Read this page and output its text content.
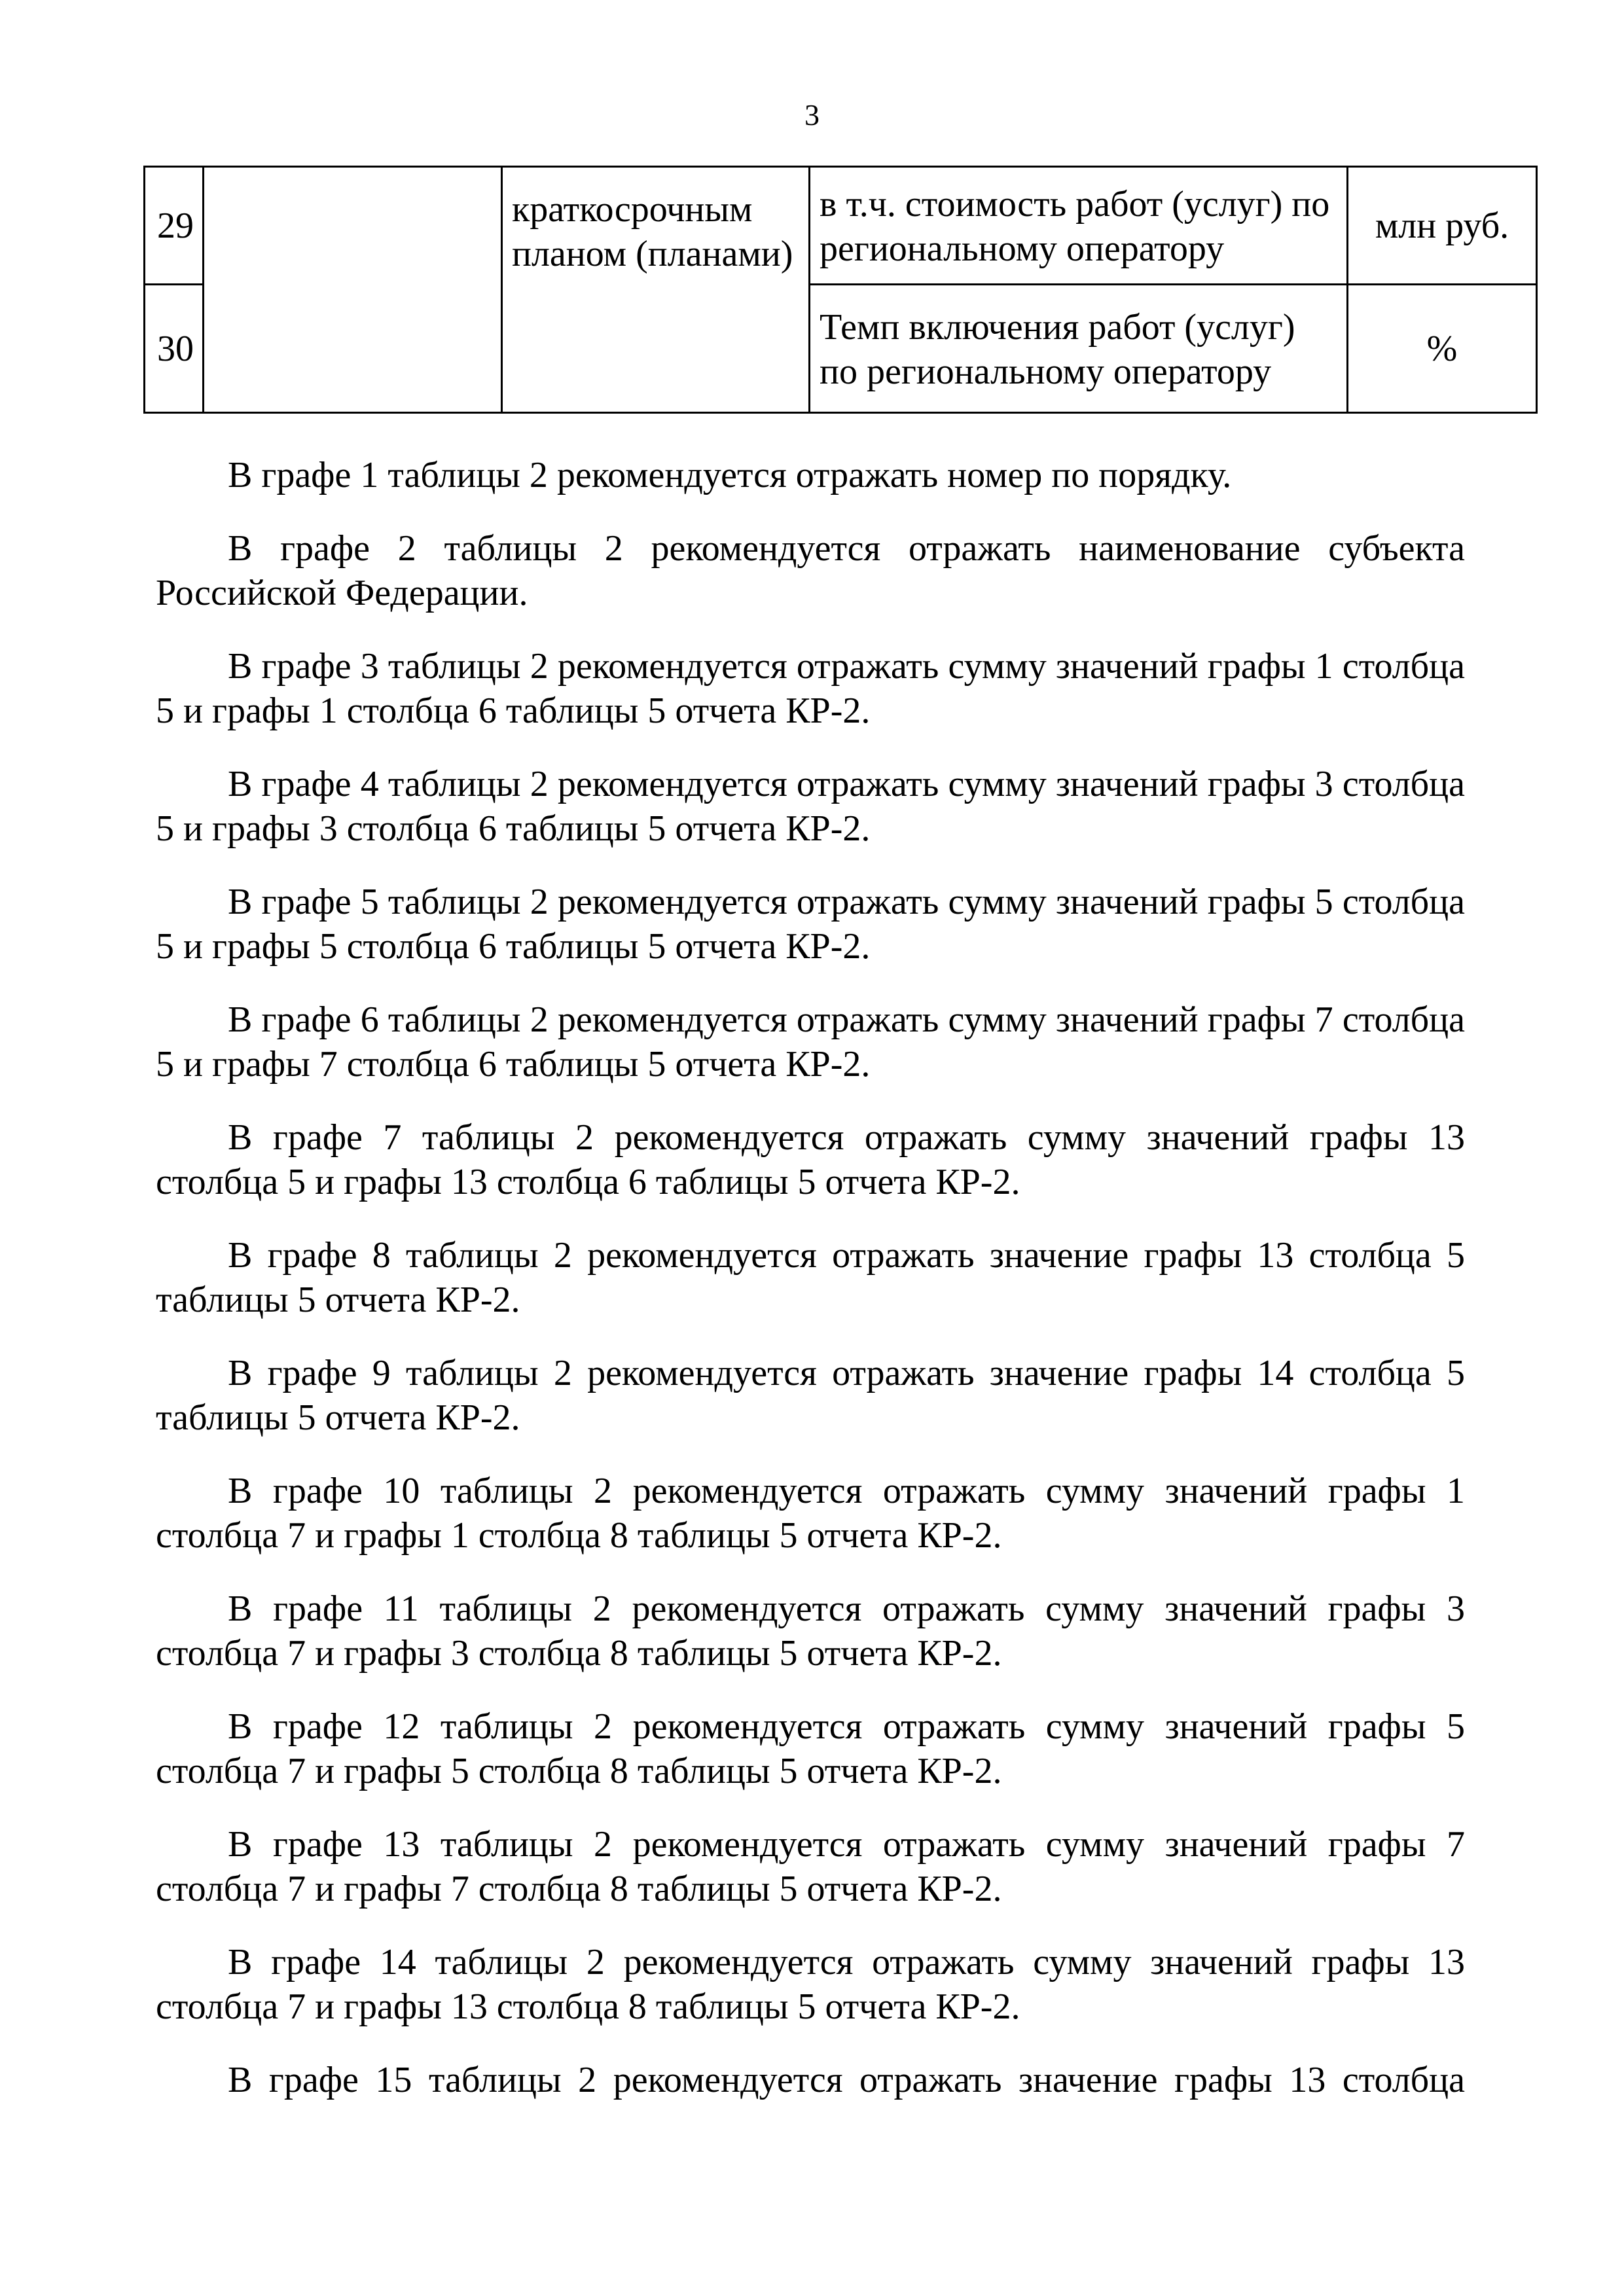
3
29		краткосрочным планом (планами)	в т.ч. стоимость работ (услуг) по региональному оператору	млн руб.
30			Темп включения работ (услуг) по региональному оператору	%

В графе 1 таблицы 2 рекомендуется отражать номер по порядку.

В графе 2 таблицы 2 рекомендуется отражать наименование субъекта Российской Федерации.

В графе 3 таблицы 2 рекомендуется отражать сумму значений графы 1 столбца 5 и графы 1 столбца 6 таблицы 5 отчета КР-2.

В графе 4 таблицы 2 рекомендуется отражать сумму значений графы 3 столбца 5 и графы 3 столбца 6 таблицы 5 отчета КР-2.

В графе 5 таблицы 2 рекомендуется отражать сумму значений графы 5 столбца 5 и графы 5 столбца 6 таблицы 5 отчета КР-2.

В графе 6 таблицы 2 рекомендуется отражать сумму значений графы 7 столбца 5 и графы 7 столбца 6 таблицы 5 отчета КР-2.

В графе 7 таблицы 2 рекомендуется отражать сумму значений графы 13 столбца 5 и графы 13 столбца 6 таблицы 5 отчета КР-2.

В графе 8 таблицы 2 рекомендуется отражать значение графы 13 столбца 5 таблицы 5 отчета КР-2.

В графе 9 таблицы 2 рекомендуется отражать значение графы 14 столбца 5 таблицы 5 отчета КР-2.

В графе 10 таблицы 2 рекомендуется отражать сумму значений графы 1 столбца 7 и графы 1 столбца 8 таблицы 5 отчета КР-2.

В графе 11 таблицы 2 рекомендуется отражать сумму значений графы 3 столбца 7 и графы 3 столбца 8 таблицы 5 отчета КР-2.

В графе 12 таблицы 2 рекомендуется отражать сумму значений графы 5 столбца 7 и графы 5 столбца 8 таблицы 5 отчета КР-2.

В графе 13 таблицы 2 рекомендуется отражать сумму значений графы 7 столбца 7 и графы 7 столбца 8 таблицы 5 отчета КР-2.

В графе 14 таблицы 2 рекомендуется отражать сумму значений графы 13 столбца 7 и графы 13 столбца 8 таблицы 5 отчета КР-2.

В графе 15 таблицы 2 рекомендуется отражать значение графы 13 столбца
